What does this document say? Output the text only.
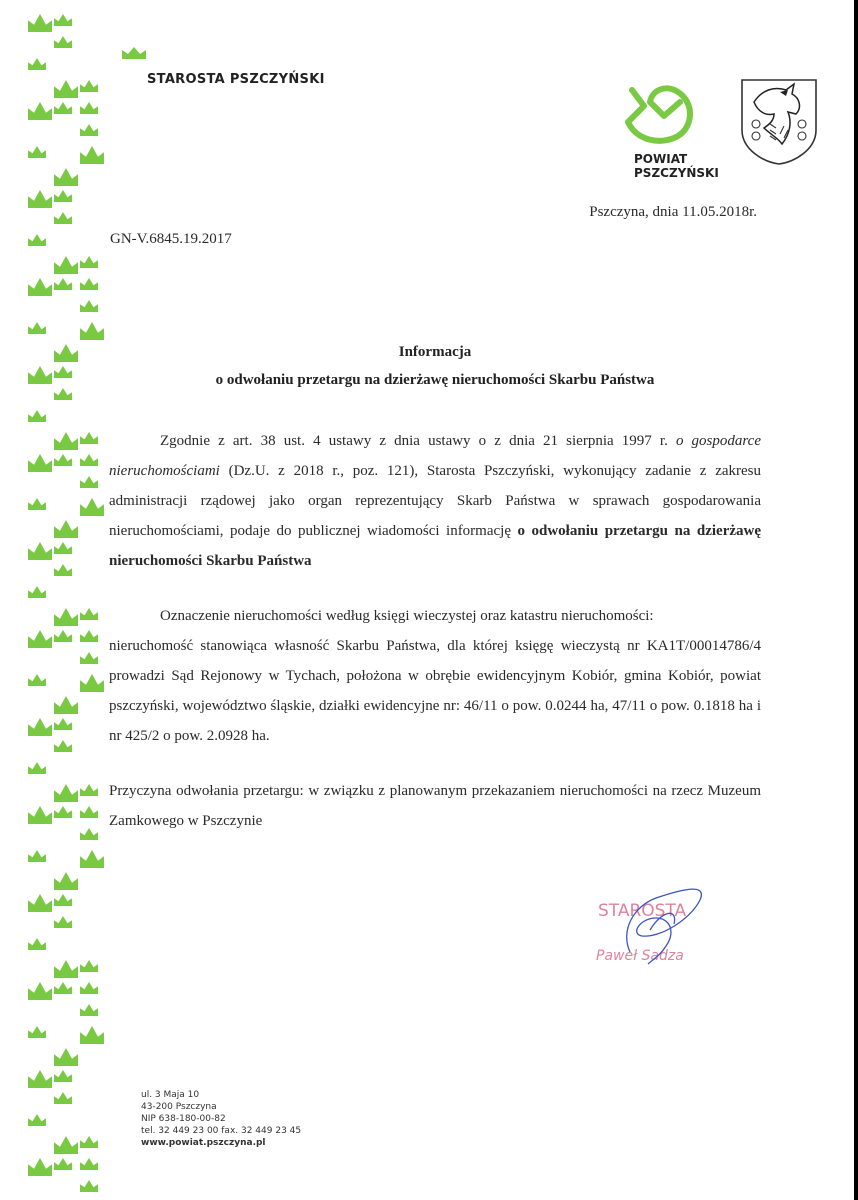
STAROSTA PSZCZYŃSKI
POWIAT
PSZCZYŃSKI
Pszczyna, dnia 11.05.2018r.
GN-V.6845.19.2017
Informacja
o odwołaniu przetargu na dzierżawę nieruchomości Skarbu Państwa

Zgodnie z art. 38 ust. 4 ustawy z dnia ustawy o z dnia 21 sierpnia 1997 r. o gospodarce nieruchomościami (Dz.U. z 2018 r., poz. 121), Starosta Pszczyński, wykonujący zadanie z zakresu administracji rządowej jako organ reprezentujący Skarb Państwa w sprawach gospodarowania nieruchomościami, podaje do publicznej wiadomości informację o odwołaniu przetargu na dzierżawę nieruchomości Skarbu Państwa

Oznaczenie nieruchomości według księgi wieczystej oraz katastru nieruchomości:

nieruchomość stanowiąca własność Skarbu Państwa, dla której księgę wieczystą nr KA1T/00014786/4 prowadzi Sąd Rejonowy w Tychach, położona w obrębie ewidencyjnym Kobiór, gmina Kobiór, powiat pszczyński, województwo śląskie, działki ewidencyjne nr: 46/11 o pow. 0.0244 ha, 47/11 o pow. 0.1818 ha i nr 425/2 o pow. 2.0928 ha.

Przyczyna odwołania przetargu: w związku z planowanym przekazaniem nieruchomości na rzecz Muzeum Zamkowego w Pszczynie

STAROSTA
Paweł Sadza
ul. 3 Maja 10
43-200 Pszczyna
NIP 638-180-00-82
tel. 32 449 23 00 fax. 32 449 23 45
www.powiat.pszczyna.pl
